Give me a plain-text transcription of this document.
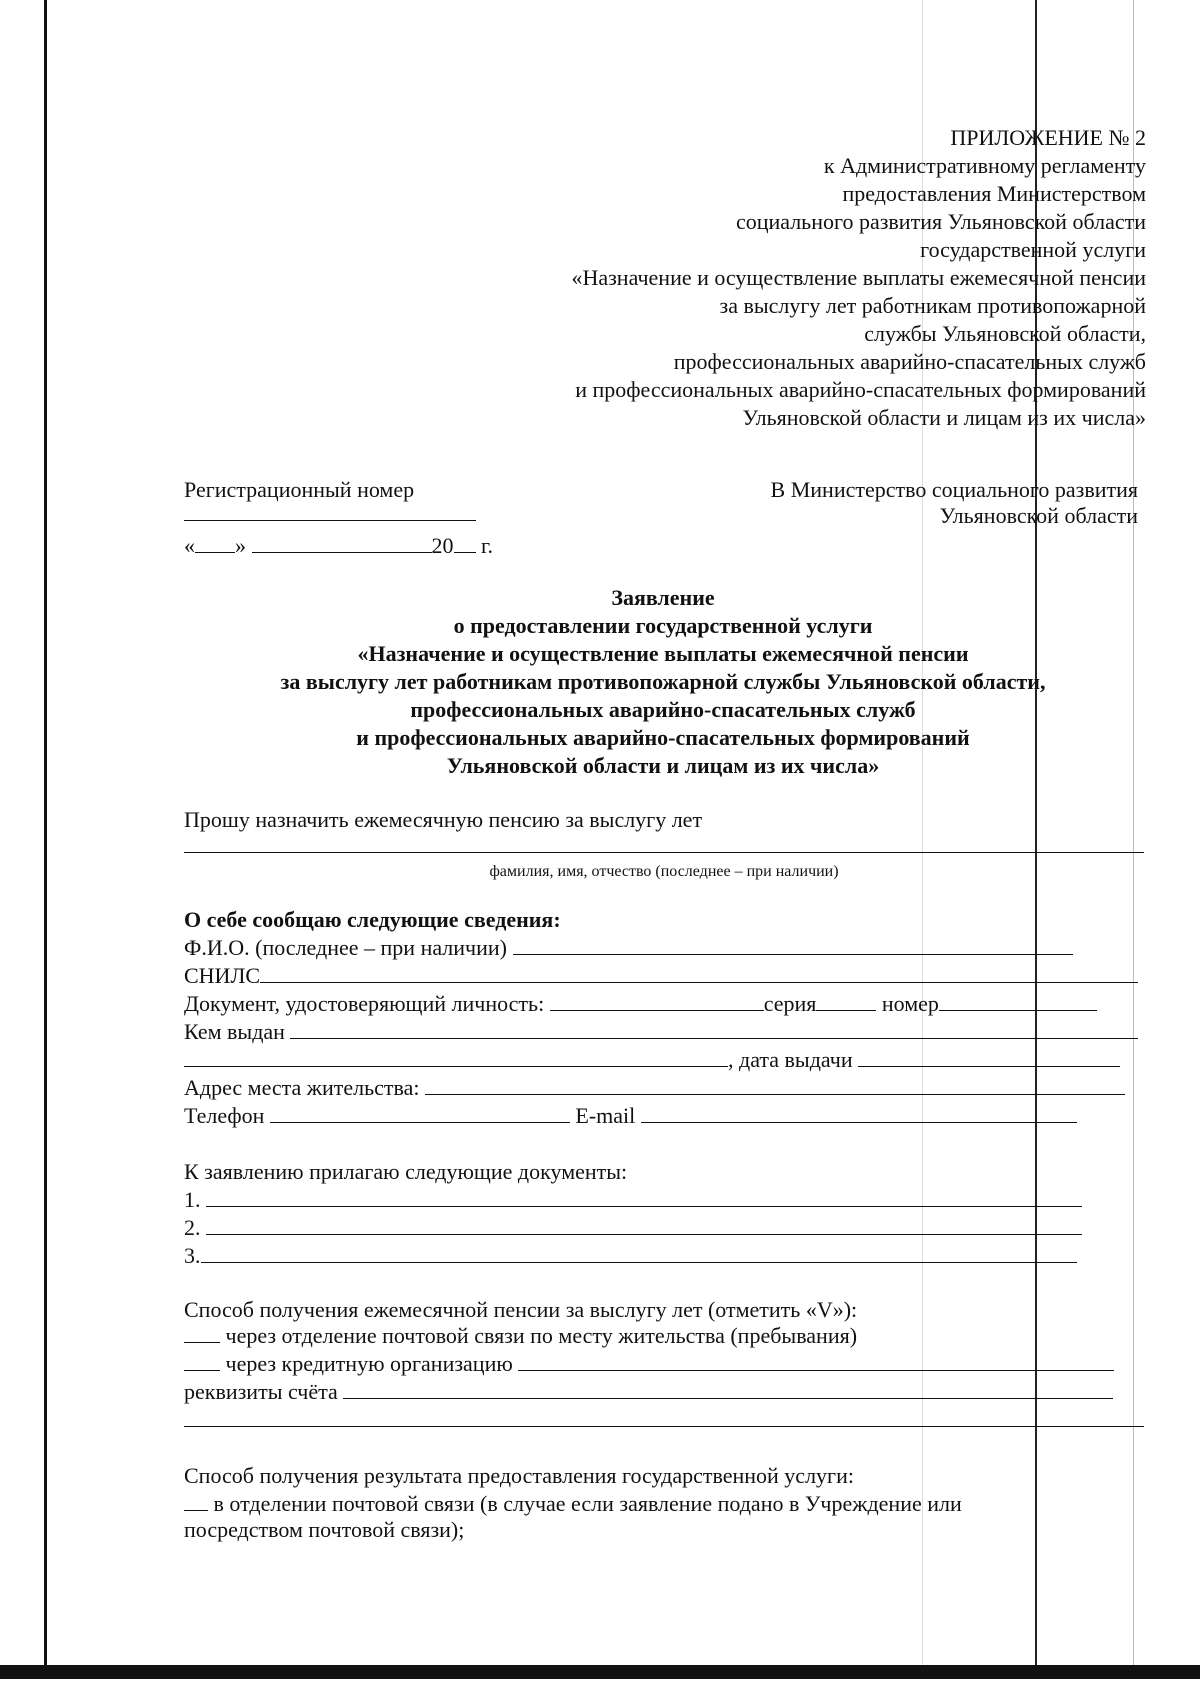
ПРИЛОЖЕНИЕ № 2
к Административному регламенту
предоставления Министерством
социального развития Ульяновской области
государственной услуги
«Назначение и осуществление выплаты ежемесячной пенсии
за выслугу лет работникам противопожарной
службы Ульяновской области,
профессиональных аварийно-спасательных служб
и профессиональных аварийно-спасательных формирований
Ульяновской области и лицам из их числа»
Регистрационный номер
« »	20 г.
В Министерство социального развития
Ульяновской области
Заявление
о предоставлении государственной услуги
«Назначение и осуществление выплаты ежемесячной пенсии
за выслугу лет работникам противопожарной службы Ульяновской области,
профессиональных аварийно-спасательных служб
и профессиональных аварийно-спасательных формирований
Ульяновской области и лицам из их числа»
Прошу назначить ежемесячную пенсию за выслугу лет
фамилия, имя, отчество (последнее – при наличии)
О себе сообщаю следующие сведения:
Ф.И.О. (последнее – при наличии)
СНИЛС
Документ, удостоверяющий личность:	серия	номер
Кем выдан
, дата выдачи
Адрес места жительства:
Телефон	E-mail
К заявлению прилагаю следующие документы:
1.
2.
3.
Способ получения ежемесячной пенсии за выслугу лет (отметить «V»):
через отделение почтовой связи по месту жительства (пребывания)
через кредитную организацию
реквизиты счёта
Способ получения результата предоставления государственной услуги:
в отделении почтовой связи (в случае если заявление подано в Учреждение или
посредством почтовой связи);
